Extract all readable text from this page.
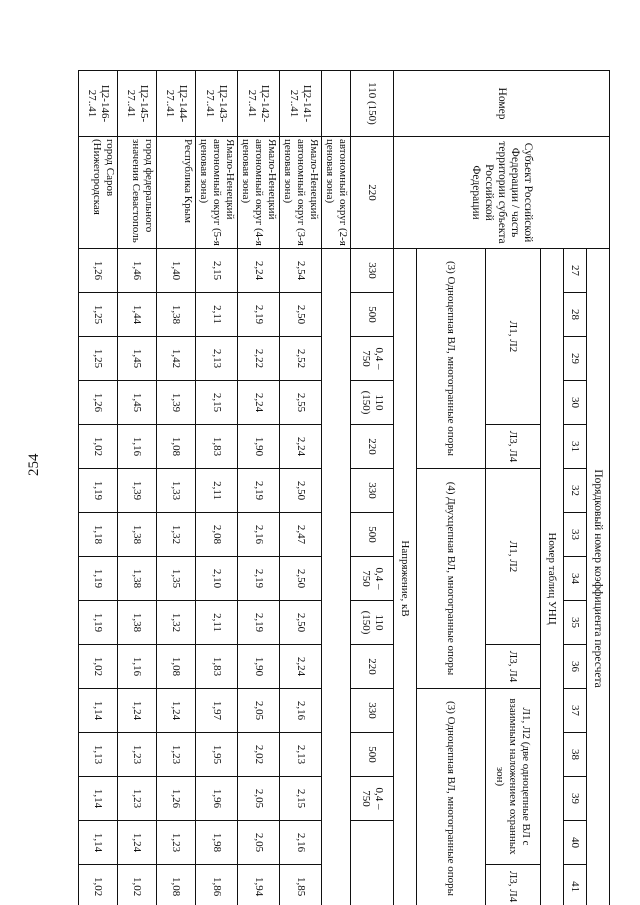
254
Номер	Субъект Российской Федерации / часть территории субъекта Российской Федерации	Порядковый номер коэффициента пересчета														
		27	28	29	30	31	32	33	34	35	36	37	38	39	40	41
		Номер таблиц УНЦ														
		Л1, Л2				Л3, Л4	Л1, Л2				Л3, Л4	Л1, Л2 (две одноцепные ВЛ с взаимным наложением охранных зон)				Л3, Л4
		(3) Одноцепная ВЛ, многогранные опоры					(4) Двухцепная ВЛ, многогранные опоры					(3) Одноцепная ВЛ, многогранные опоры				
		Напряжение, кВ														
110 (150)	220	330	500	0,4 – 750	110 (150)	220	330	500	0,4 – 750	110 (150)	220	330	500	0,4 – 750		
	автономный округ (2-я ценовая зона)															
Ц2-141-27..41	Ямало-Ненецкий автономный округ (3-я ценовая зона)	2,54	2,50	2,52	2,55	2,24	2,50	2,47	2,50	2,50	2,24	2,16	2,13	2,15	2,16	1,85
Ц2-142-27..41	Ямало-Ненецкий автономный округ (4-я ценовая зона)	2,24	2,19	2,22	2,24	1,90	2,19	2,16	2,19	2,19	1,90	2,05	2,02	2,05	2,05	1,94
Ц2-143-27..41	Ямало-Ненецкий автономный округ (5-я ценовая зона)	2,15	2,11	2,13	2,15	1,83	2,11	2,08	2,10	2,11	1,83	1,97	1,95	1,96	1,98	1,86
Ц2-144-27..41	Республика Крым	1,40	1,38	1,42	1,39	1,08	1,33	1,32	1,35	1,32	1,08	1,24	1,23	1,26	1,23	1,08
Ц2-145-27..41	город федерального значения Севастополь	1,46	1,44	1,45	1,45	1,16	1,39	1,38	1,38	1,38	1,16	1,24	1,23	1,23	1,24	1,02
Ц2-146-27..41	город Саров (Нижегородская	1,26	1,25	1,25	1,26	1,02	1,19	1,18	1,19	1,19	1,02	1,14	1,13	1,14	1,14	1,02
